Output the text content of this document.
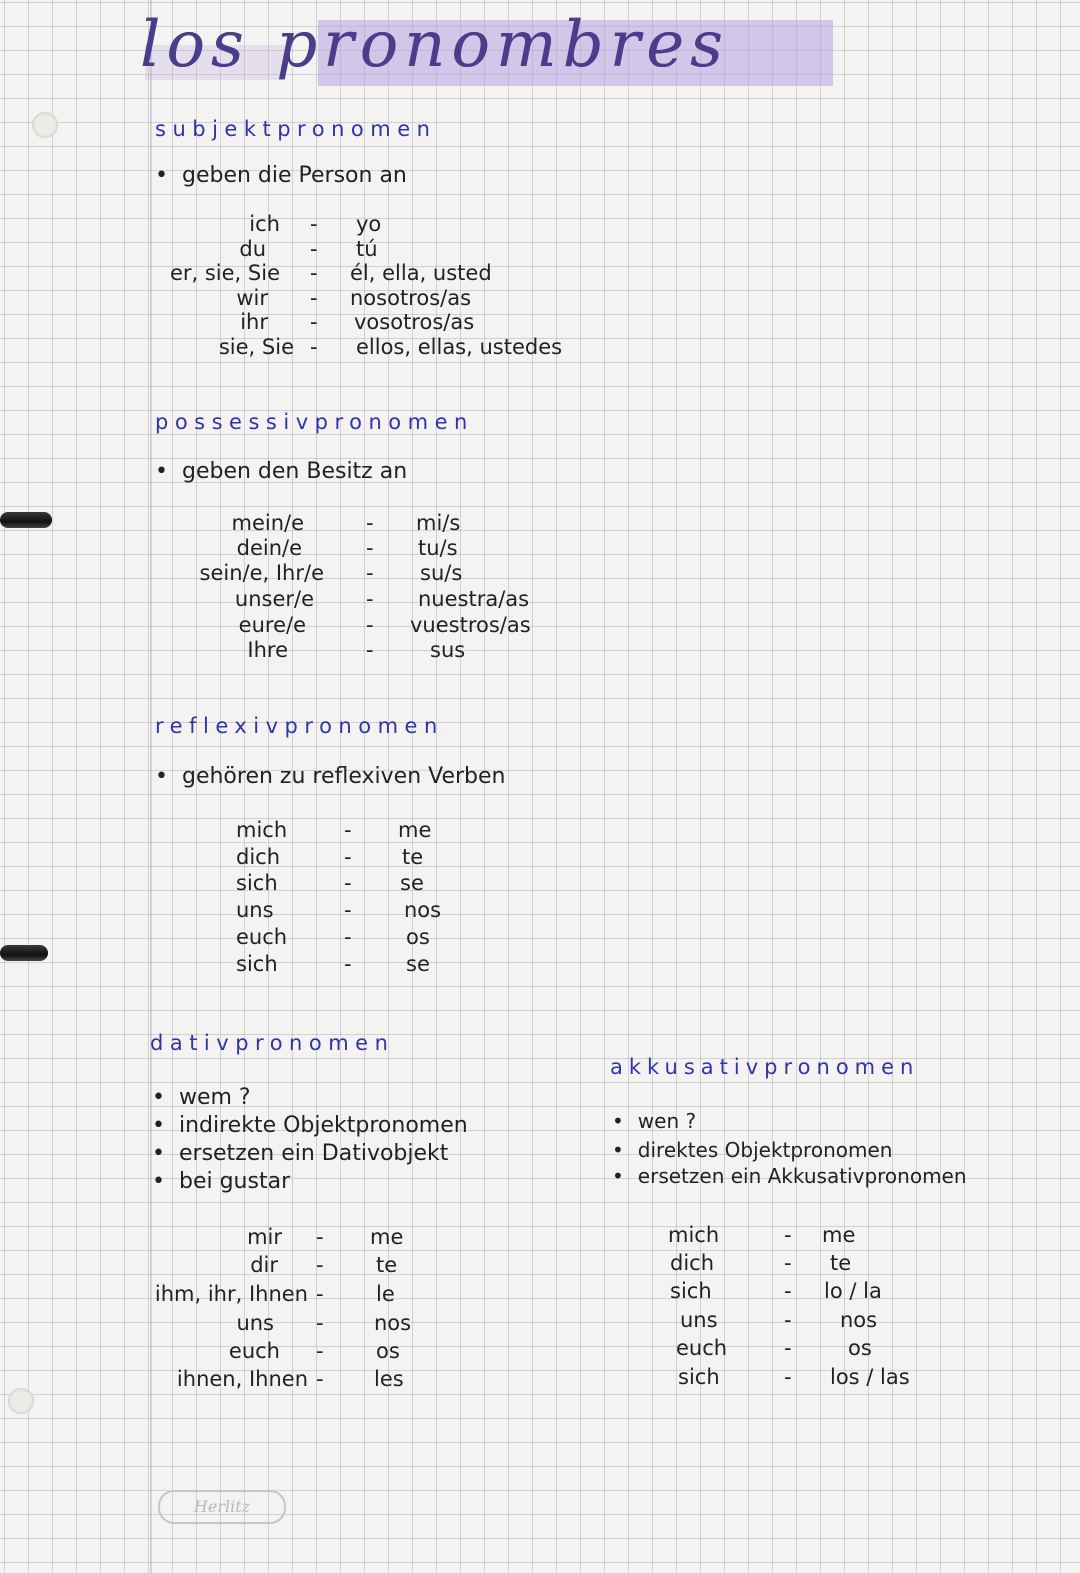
los pronombres
subjektpronomen
• geben die Person an
ich
du
er, sie, Sie
wir
ihr
sie, Sie
-
-
-
-
-
-
yo
tú
él, ella, usted
nosotros/as
vosotros/as
ellos, ellas, ustedes
possessivpronomen
• geben den Besitz an
mein/e
dein/e
sein/e, Ihr/e
unser/e
eure/e
Ihre
-
-
-
-
-
-
mi/s
tu/s
su/s
nuestra/as
vuestros/as
sus
reflexivpronomen
• gehören zu reflexiven Verben
mich
dich
sich
uns
euch
sich
-
-
-
-
-
-
me
te
se
nos
os
se
dativpronomen
• wem ?
• indirekte Objektpronomen
• ersetzen ein Dativobjekt
• bei gustar
mir
dir
ihm, ihr, Ihnen
uns
euch
ihnen, Ihnen
-
-
-
-
-
-
me
te
le
nos
os
les
akkusativpronomen
• wen ?
• direktes Objektpronomen
• ersetzen ein Akkusativpronomen
mich
dich
sich
uns
euch
sich
-
-
-
-
-
-
me
te
lo / la
nos
os
los / las
Herlitz
